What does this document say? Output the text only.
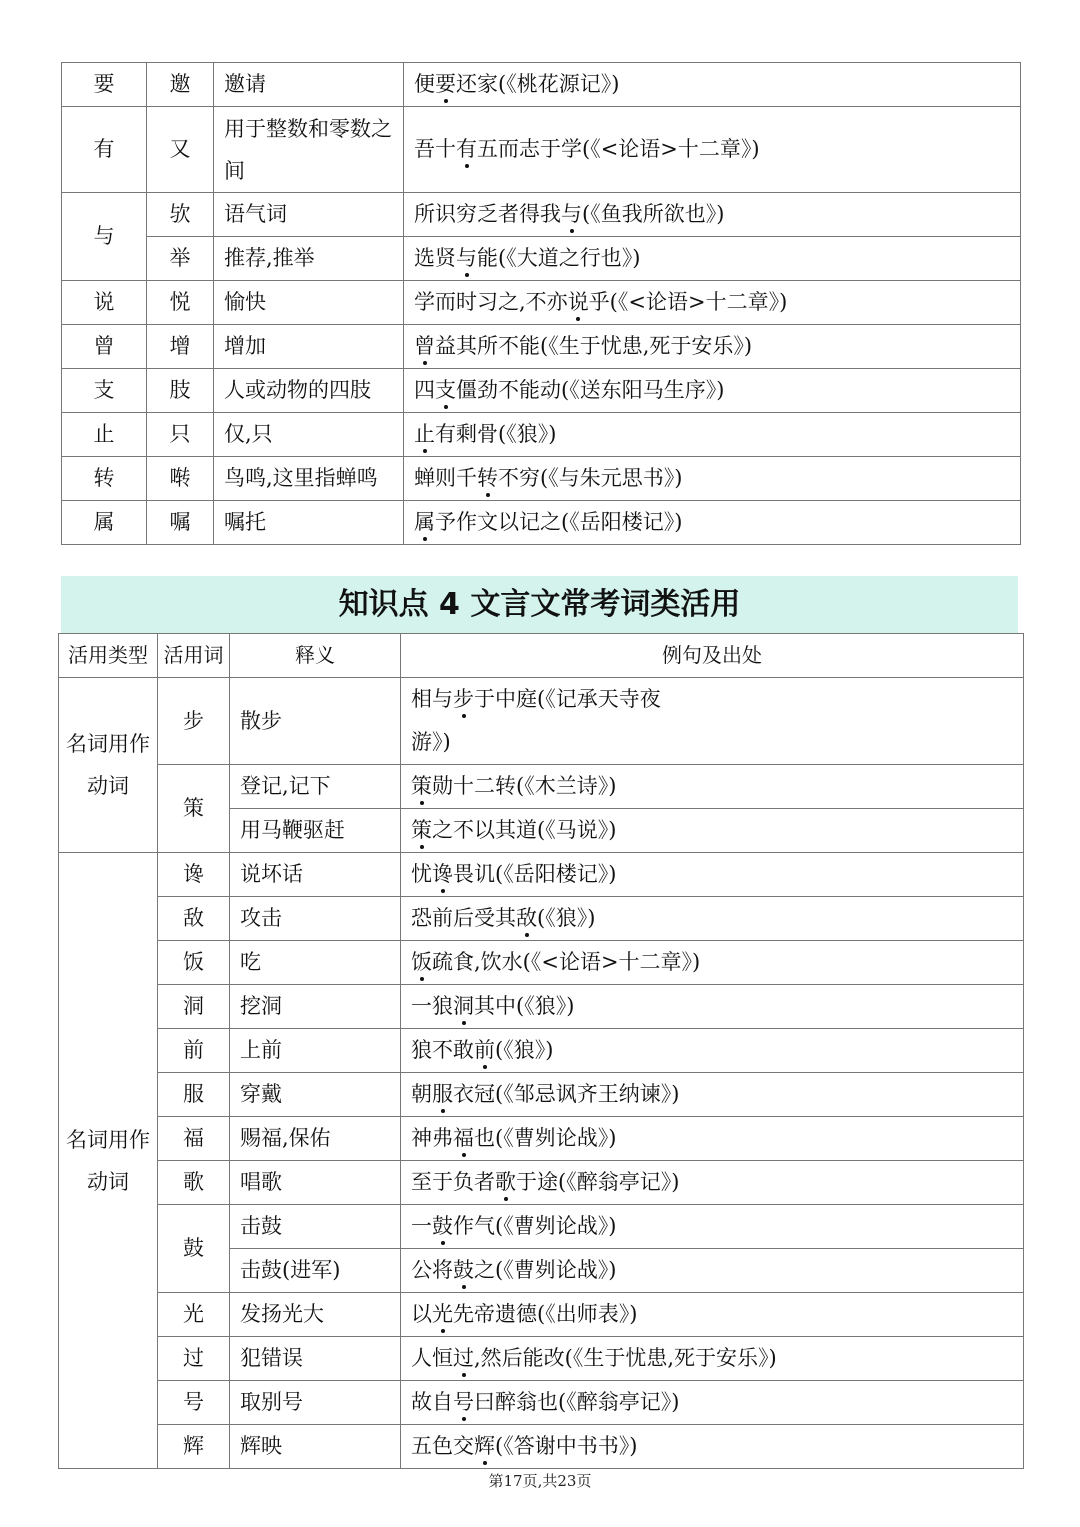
要	邀	邀请	便要还家(《桃花源记》)
有	又	用于整数和零数之间	吾十有五而志于学(《<论语>十二章》)
与	欤	语气词	所识穷乏者得我与(《鱼我所欲也》)
	举	推荐,推举	选贤与能(《大道之行也》)
说	悦	愉快	学而时习之,不亦说乎(《<论语>十二章》)
曾	增	增加	曾益其所不能(《生于忧患,死于安乐》)
支	肢	人或动物的四肢	四支僵劲不能动(《送东阳马生序》)
止	只	仅,只	止有剩骨(《狼》)
转	啭	鸟鸣,这里指蝉鸣	蝉则千转不穷(《与朱元思书》)
属	嘱	嘱托	属予作文以记之(《岳阳楼记》)
知识点 4 文言文常考词类活用
活用类型	活用词	释义	例句及出处
名词用作动词	步	散步	相与步于中庭(《记承天寺夜游》)
	策	登记,记下	策勋十二转(《木兰诗》)
		用马鞭驱赶	策之不以其道(《马说》)
名词用作动词	谗	说坏话	忧谗畏讥(《岳阳楼记》)
	敌	攻击	恐前后受其敌(《狼》)
	饭	吃	饭疏食,饮水(《<论语>十二章》)
	洞	挖洞	一狼洞其中(《狼》)
	前	上前	狼不敢前(《狼》)
	服	穿戴	朝服衣冠(《邹忌讽齐王纳谏》)
	福	赐福,保佑	神弗福也(《曹刿论战》)
	歌	唱歌	至于负者歌于途(《醉翁亭记》)
	鼓	击鼓	一鼓作气(《曹刿论战》)
		击鼓(进军)	公将鼓之(《曹刿论战》)
	光	发扬光大	以光先帝遗德(《出师表》)
	过	犯错误	人恒过,然后能改(《生于忧患,死于安乐》)
	号	取别号	故自号曰醉翁也(《醉翁亭记》)
	辉	辉映	五色交辉(《答谢中书书》)
第17页,共23页
